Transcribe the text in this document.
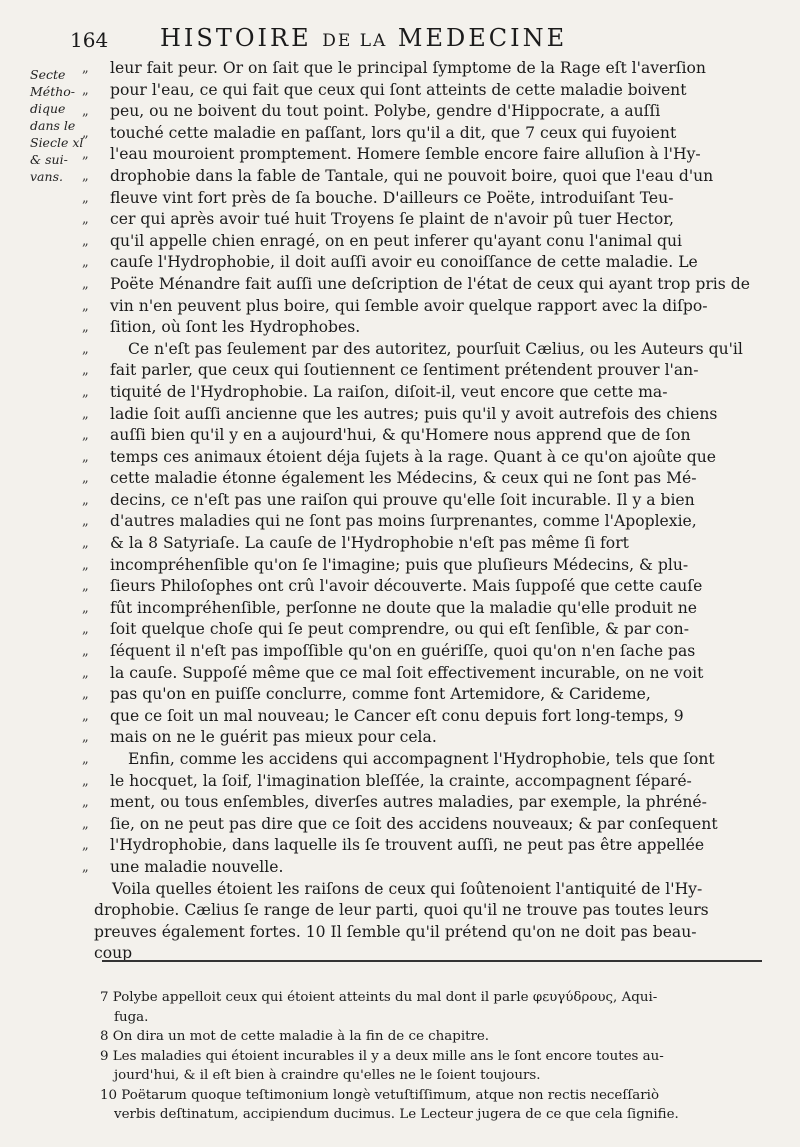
164 HISTOIRE DE LA MEDECINE
Secte
Métho-
dique
dans le
Siecle xl
& sui-
vans.
„	leur fait peur. Or on ſait que le principal ſymptome de la Rage eſt l'averſion
„	pour l'eau, ce qui fait que ceux qui ſont atteints de cette maladie boivent
„	peu, ou ne boivent du tout point. Polybe, gendre d'Hippocrate, a auſſi
„	touché cette maladie en paſſant, lors qu'il a dit, que 7 ceux qui fuyoient
„	l'eau mouroient promptement. Homere ſemble encore faire alluſion à l'Hy-
„	drophobie dans la fable de Tantale, qui ne pouvoit boire, quoi que l'eau d'un
„	fleuve vint fort près de ſa bouche. D'ailleurs ce Poëte, introduiſant Teu-
„	cer qui après avoir tué huit Troyens ſe plaint de n'avoir pû tuer Hector,
„	qu'il appelle chien enragé, on en peut inferer qu'ayant conu l'animal qui
„	cauſe l'Hydrophobie, il doit auſſi avoir eu conoiſſance de cette maladie. Le
„	Poëte Ménandre fait auſſi une deſcription de l'état de ceux qui ayant trop pris de
„	vin n'en peuvent plus boire, qui ſemble avoir quelque rapport avec la diſpo-
„	ſition, où ſont les Hydrophobes.
„	Ce n'eſt pas ſeulement par des autoritez, pourſuit Cælius, ou les Auteurs qu'il
„	fait parler, que ceux qui ſoutiennent ce ſentiment prétendent prouver l'an-
„	tiquité de l'Hydrophobie. La raiſon, diſoit-il, veut encore que cette ma-
„	ladie ſoit auſſi ancienne que les autres; puis qu'il y avoit autrefois des chiens
„	auſſi bien qu'il y en a aujourd'hui, & qu'Homere nous apprend que de ſon
„	temps ces animaux étoient déja ſujets à la rage. Quant à ce qu'on ajoûte que
„	cette maladie étonne également les Médecins, & ceux qui ne ſont pas Mé-
„	decins, ce n'eſt pas une raiſon qui prouve qu'elle ſoit incurable. Il y a bien
„	d'autres maladies qui ne ſont pas moins ſurprenantes, comme l'Apoplexie,
„	& la 8 Satyriaſe. La cauſe de l'Hydrophobie n'eſt pas même ſi fort
„	incompréhenſible qu'on ſe l'imagine; puis que pluſieurs Médecins, & plu-
„	ſieurs Philoſophes ont crû l'avoir découverte. Mais ſuppoſé que cette cauſe
„	fût incompréhenſible, perſonne ne doute que la maladie qu'elle produit ne
„	ſoit quelque choſe qui ſe peut comprendre, ou qui eſt ſenſible, & par con-
„	ſéquent il n'eſt pas impoſſible qu'on en guériſſe, quoi qu'on n'en ſache pas
„	la cauſe. Suppoſé même que ce mal ſoit effectivement incurable, on ne voit
„	pas qu'on en puiſſe conclurre, comme font Artemidore, & Carideme,
„	que ce ſoit un mal nouveau; le Cancer eſt conu depuis fort long-temps, 9
„	mais on ne le guérit pas mieux pour cela.
„	Enfin, comme les accidens qui accompagnent l'Hydrophobie, tels que ſont
„	le hocquet, la ſoif, l'imagination bleſſée, la crainte, accompagnent ſéparé-
„	ment, ou tous enſembles, diverſes autres maladies, par exemple, la phréné-
„	ſie, on ne peut pas dire que ce ſoit des accidens nouveaux; & par conſequent
„	l'Hydrophobie, dans laquelle ils ſe trouvent auſſi, ne peut pas être appellée
„	une maladie nouvelle.
Voila quelles étoient les raiſons de ceux qui ſoûtenoient l'antiquité de l'Hy-
drophobie. Cælius ſe range de leur parti, quoi qu'il ne trouve pas toutes leurs
preuves également fortes. 10 Il ſemble qu'il prétend qu'on ne doit pas beau-
coup
7 Polybe appelloit ceux qui étoient atteints du mal dont il parle φευγύδρους, Aqui-
fuga.
8 On dira un mot de cette maladie à la fin de ce chapitre.
9 Les maladies qui étoient incurables il y a deux mille ans le ſont encore toutes au-
jourd'hui, & il eſt bien à craindre qu'elles ne le ſoient toujours.
10 Poëtarum quoque teſtimonium longè vetuſtiſſimum, atque non rectis neceſſariò
verbis deſtinatum, accipiendum ducimus. Le Lecteur jugera de ce que cela ſignifie.
